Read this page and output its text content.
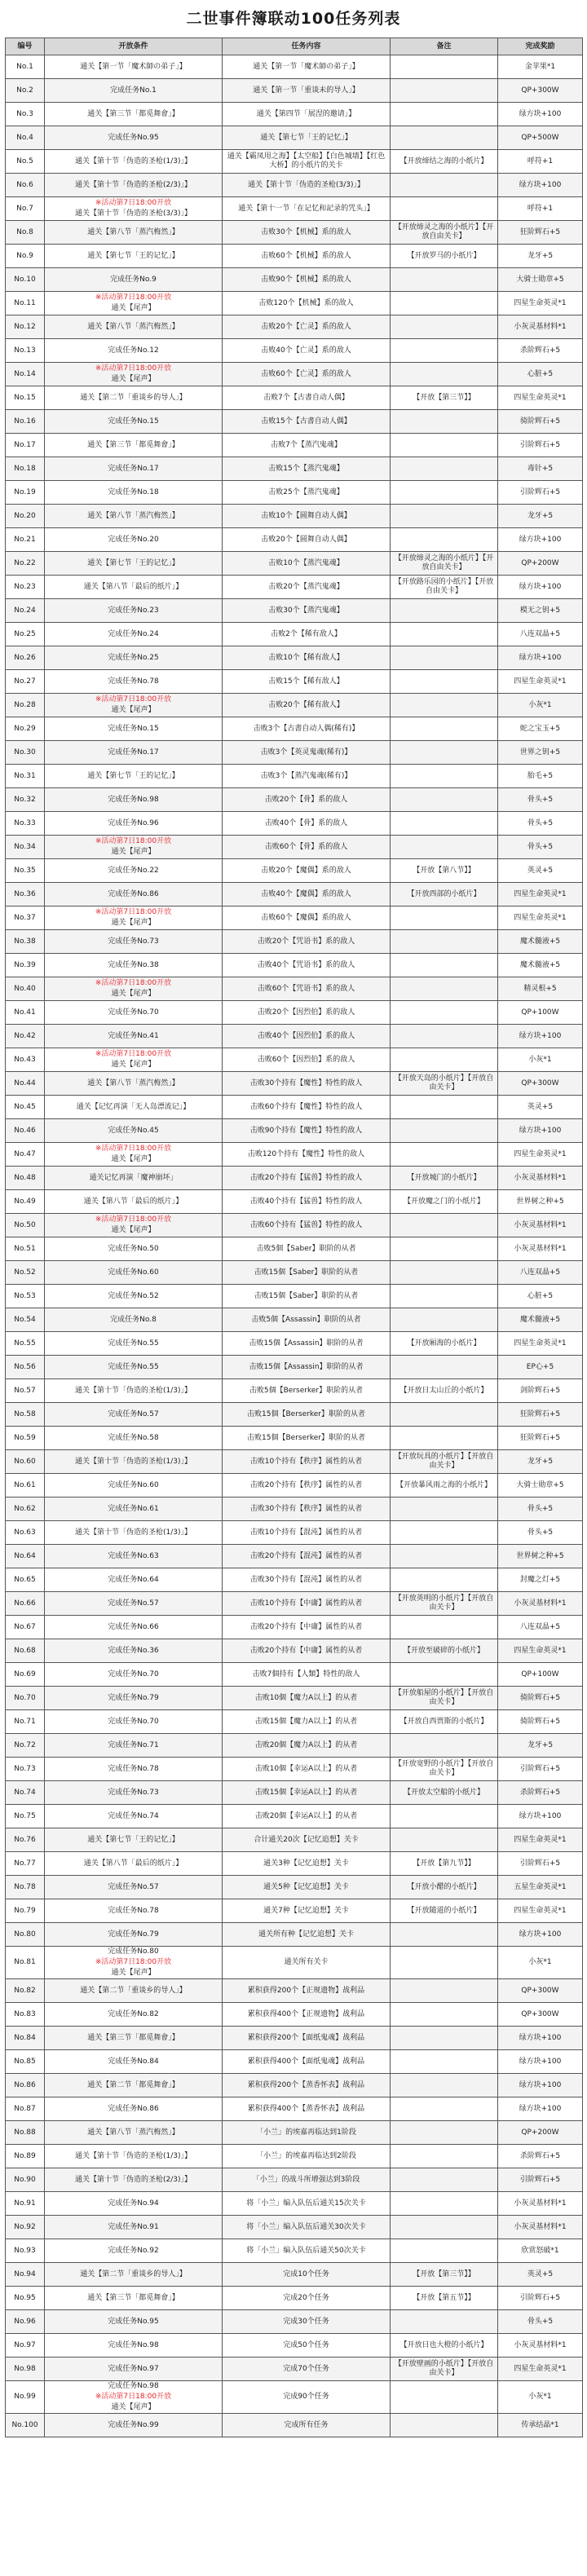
二世事件簿联动100任务列表
编号	开放条件	任务内容	备注	完成奖励
No.1	通关【第一节「魔术師の弟子」】	通关【第一节「魔术師の弟子」】		金苹果*1
No.2	完成任务No.1	通关【第一节「重谈未的导人」】		QP+300W
No.3	通关【第三节「都觅舞會」】	通关【第四节「展涅的邀请」】		绿方块+100
No.4	完成任务No.95	通关【第七节「王的记忆」】		QP+500W
No.5	通关【第十节「伪造的圣枪(1/3)」】	通关【霸凤用之海】【太空船】【白色城墙】【红色大桥】的小纸片的关卡	【开放缔结之海的小纸片】	呼符+1
No.6	通关【第十节「伪造的圣枪(2/3)」】	通关【第十节「伪造的圣枪(3/3)」】		绿方块+100
No.7	※活动第7日18:00开放
通关【第十节「伪造的圣枪(3/3)」】	通关【第十一节「在记忆和記录的咒头」】		呼符+1
No.8	通关【第八节「蒸汽梅然」】	击败30个【机械】系的敌人	【开放缔灵之海的小纸片】【开放自由关卡】	狂阶辉石+5
No.9	通关【第七节「王的记忆」】	击败60个【机械】系的敌人	【开放罗马的小纸片】	龙牙+5
No.10	完成任务No.9	击败90个【机械】系的敌人		大骑士勋章+5
No.11	※活动第7日18:00开放
通关【尾声】	击败120个【机械】系的敌人		四星生命英灵*1
No.12	通关【第八节「蒸汽梅然」】	击败20个【亡灵】系的敌人		小灰灵基材料*1
No.13	完成任务No.12	击败40个【亡灵】系的敌人		杀阶辉石+5
No.14	※活动第7日18:00开放
通关【尾声】	击败60个【亡灵】系的敌人		心脏+5
No.15	通关【第二节「重谈乡的导人」】	击败7个【古書自动人偶】	【开放【第三节】】	四星生命英灵*1
No.16	完成任务No.15	击败15个【古書自动人偶】		骑阶辉石+5
No.17	通关【第三节「都觅舞會」】	击败7个【蒸汽鬼魂】		引阶辉石+5
No.18	完成任务No.17	击败15个【蒸汽鬼魂】		毒针+5
No.19	完成任务No.18	击败25个【蒸汽鬼魂】		引阶辉石+5
No.20	通关【第八节「蒸汽梅然」】	击败10个【圆舞自动人偶】		龙牙+5
No.21	完成任务No.20	击败20个【圆舞自动人偶】		绿方块+100
No.22	通关【第七节「王的记忆」】	击败10个【蒸汽鬼魂】	【开放缔灵之海的小纸片】【开放自由关卡】	QP+200W
No.23	通关【第八节「最后的纸片」】	击败20个【蒸汽鬼魂】	【开放路乐园的小纸片】【开放自由关卡】	绿方块+100
No.24	完成任务No.23	击败30个【蒸汽鬼魂】		模无之钥+5
No.25	完成任务No.24	击败2个【稀有敌人】		八连双晶+5
No.26	完成任务No.25	击败10个【稀有敌人】		绿方块+100
No.27	完成任务No.78	击败15个【稀有敌人】		四星生命英灵*1
No.28	※活动第7日18:00开放
通关【尾声】	击败20个【稀有敌人】		小灰*1
No.29	完成任务No.15	击败3个【古書自动人偶(稀有)】		蛇之宝玉+5
No.30	完成任务No.17	击败3个【英灵鬼魂(稀有)】		世界之钥+5
No.31	通关【第七节「王的记忆」】	击败3个【蒸汽鬼魂(稀有)】		胎毛+5
No.32	完成任务No.98	击败20个【骨】系的敌人		骨头+5
No.33	完成任务No.96	击败40个【骨】系的敌人		骨头+5
No.34	※活动第7日18:00开放
通关【尾声】	击败60个【骨】系的敌人		骨头+5
No.35	完成任务No.22	击败20个【魔偶】系的敌人	【开放【第八节】】	英灵+5
No.36	完成任务No.86	击败40个【魔偶】系的敌人	【开放西部的小纸片】	四星生命英灵*1
No.37	※活动第7日18:00开放
通关【尾声】	击败60个【魔偶】系的敌人		四星生命英灵*1
No.38	完成任务No.73	击败20个【咒语书】系的敌人		魔术髓液+5
No.39	完成任务No.38	击败40个【咒语书】系的敌人		魔术髓液+5
No.40	※活动第7日18:00开放
通关【尾声】	击败60个【咒语书】系的敌人		精灵根+5
No.41	完成任务No.70	击败20个【因烈伯】系的敌人		QP+100W
No.42	完成任务No.41	击败40个【因烈伯】系的敌人		绿方块+100
No.43	※活动第7日18:00开放
通关【尾声】	击败60个【因烈伯】系的敌人		小灰*1
No.44	通关【第八节「蒸汽梅然」】	击败30个持有【魔性】特性的敌人	【开放天岛的小纸片】【开放自由关卡】	QP+300W
No.45	通关【记忆再演「无人岛漂流记」】	击败60个持有【魔性】特性的敌人		英灵+5
No.46	完成任务No.45	击败90个持有【魔性】特性的敌人		绿方块+100
No.47	※活动第7日18:00开放
通关【尾声】	击败120个持有【魔性】特性的敌人		四星生命英灵*1
No.48	通关记忆再演「魔神崩坏」	击败20个持有【猛兽】特性的敌人	【开放城门的小纸片】	小灰灵基材料*1
No.49	通关【第八节「最后的纸片」】	击败40个持有【猛兽】特性的敌人	【开放魔之门的小纸片】	世界树之种+5
No.50	※活动第7日18:00开放
通关【尾声】	击败60个持有【猛兽】特性的敌人		小灰灵基材料*1
No.51	完成任务No.50	击败5個【Saber】职阶的从者		小灰灵基材料*1
No.52	完成任务No.60	击败15個【Saber】职阶的从者		八连双晶+5
No.53	完成任务No.52	击败15個【Saber】职阶的从者		心脏+5
No.54	完成任务No.8	击败5個【Assassin】职阶的从者		魔术髓液+5
No.55	完成任务No.55	击败15個【Assassin】职阶的从者	【开放厢海的小纸片】	四星生命英灵*1
No.56	完成任务No.55	击败15個【Assassin】职阶的从者		EP心+5
No.57	通关【第十节「伪造的圣枪(1/3)」】	击败5個【Berserker】职阶的从者	【开放日太山丘的小纸片】	剑阶辉石+5
No.58	完成任务No.57	击败15個【Berserker】职阶的从者		狂阶辉石+5
No.59	完成任务No.58	击败15個【Berserker】职阶的从者		狂阶辉石+5
No.60	通关【第十节「伪造的圣枪(1/3)」】	击败10个持有【秩序】属性的从者	【开放玩具的小纸片】【开放自由关卡】	龙牙+5
No.61	完成任务No.60	击败20个持有【秩序】属性的从者	【开放暴风雨之海的小纸片】	大骑士勋章+5
No.62	完成任务No.61	击败30个持有【秩序】属性的从者		骨头+5
No.63	通关【第十节「伪造的圣枪(1/3)」】	击败10个持有【混沌】属性的从者		骨头+5
No.64	完成任务No.63	击败20个持有【混沌】属性的从者		世界树之种+5
No.65	完成任务No.64	击败30个持有【混沌】属性的从者		封魔之灯+5
No.66	完成任务No.57	击败10个持有【中庸】属性的从者	【开放英明的小纸片】【开放自由关卡】	小灰灵基材料*1
No.67	完成任务No.66	击败20个持有【中庸】属性的从者		八连双晶+5
No.68	完成任务No.36	击败20个持有【中庸】属性的从者	【开放至破碎的小纸片】	四星生命英灵*1
No.69	完成任务No.70	击败7個持有【人類】特性的敌人		QP+100W
No.70	完成任务No.79	击败10個【魔力A以上】的从者	【开放船屋的小纸片】【开放自由关卡】	骑阶辉石+5
No.71	完成任务No.70	击败15個【魔力A以上】的从者	【开放自西贾斯的小纸片】	骑阶辉石+5
No.72	完成任务No.71	击败20個【魔力A以上】的从者		龙牙+5
No.73	完成任务No.78	击败10個【幸运A以上】的从者	【开放宽野的小纸片】【开放自由关卡】	引阶辉石+5
No.74	完成任务No.73	击败15個【幸运A以上】的从者	【开放太空船的小纸片】	杀阶辉石+5
No.75	完成任务No.74	击败20個【幸运A以上】的从者		绿方块+100
No.76	通关【第七节「王的记忆」】	合计通关20次【记忆追想】关卡		四星生命英灵*1
No.77	通关【第八节「最后的纸片」】	通关3种【记忆追想】关卡	【开放【第九节】】	引阶辉石+5
No.78	完成任务No.57	通关5种【记忆追想】关卡	【开放小醋的小纸片】	五星生命英灵*1
No.79	完成任务No.78	通关7种【记忆追想】关卡	【开放随道的小纸片】	四星生命英灵*1
No.80	完成任务No.79	通关所有种【记忆追想】关卡		绿方块+100
No.81	完成任务No.80
※活动第7日18:00开放
通关【尾声】	通关所有关卡		小灰*1
No.82	通关【第二节「重谈乡的导人」】	累积获得200个【正规遗物】战利品		QP+300W
No.83	完成任务No.82	累积获得400个【正规遗物】战利品		QP+300W
No.84	通关【第三节「都觅舞會」】	累积获得200个【面纸鬼魂】战利品		绿方块+100
No.85	完成任务No.84	累积获得400个【面纸鬼魂】战利品		绿方块+100
No.86	通关【第二节「都觅舞會」】	累积获得200个【蒸香怀表】战利品		绿方块+100
No.87	完成任务No.86	累积获得400个【蒸香怀表】战利品		绿方块+100
No.88	通关【第八节「蒸汽梅然」】	「小兰」的埃嘉再临达到1阶段		QP+200W
No.89	通关【第十节「伪造的圣枪(1/3)」】	「小兰」的埃嘉再临达到2阶段		杀阶辉石+5
No.90	通关【第十节「伪造的圣枪(2/3)」】	「小兰」的战斗所增强达到3阶段		引阶辉石+5
No.91	完成任务No.94	将「小兰」编入队伍后通关15次关卡		小灰灵基材料*1
No.92	完成任务No.91	将「小兰」编入队伍后通关30次关卡		小灰灵基材料*1
No.93	完成任务No.92	将「小兰」编入队伍后通关50次关卡		欣赏怒破*1
No.94	通关【第二节「重谈乡的导人」】	完成10个任务	【开放【第三节】】	英灵+5
No.95	通关【第三节「都觅舞會」】	完成20个任务	【开放【第五节】】	引阶辉石+5
No.96	完成任务No.95	完成30个任务		骨头+5
No.97	完成任务No.98	完成50个任务	【开放日也大橙的小纸片】	小灰灵基材料*1
No.98	完成任务No.97	完成70个任务	【开放壁画的小纸片】【开放自由关卡】	四星生命英灵*1
No.99	完成任务No.98
※活动第7日18:00开放
通关【尾声】	完成90个任务		小灰*1
No.100	完成任务No.99	完成所有任务		传承结晶*1
